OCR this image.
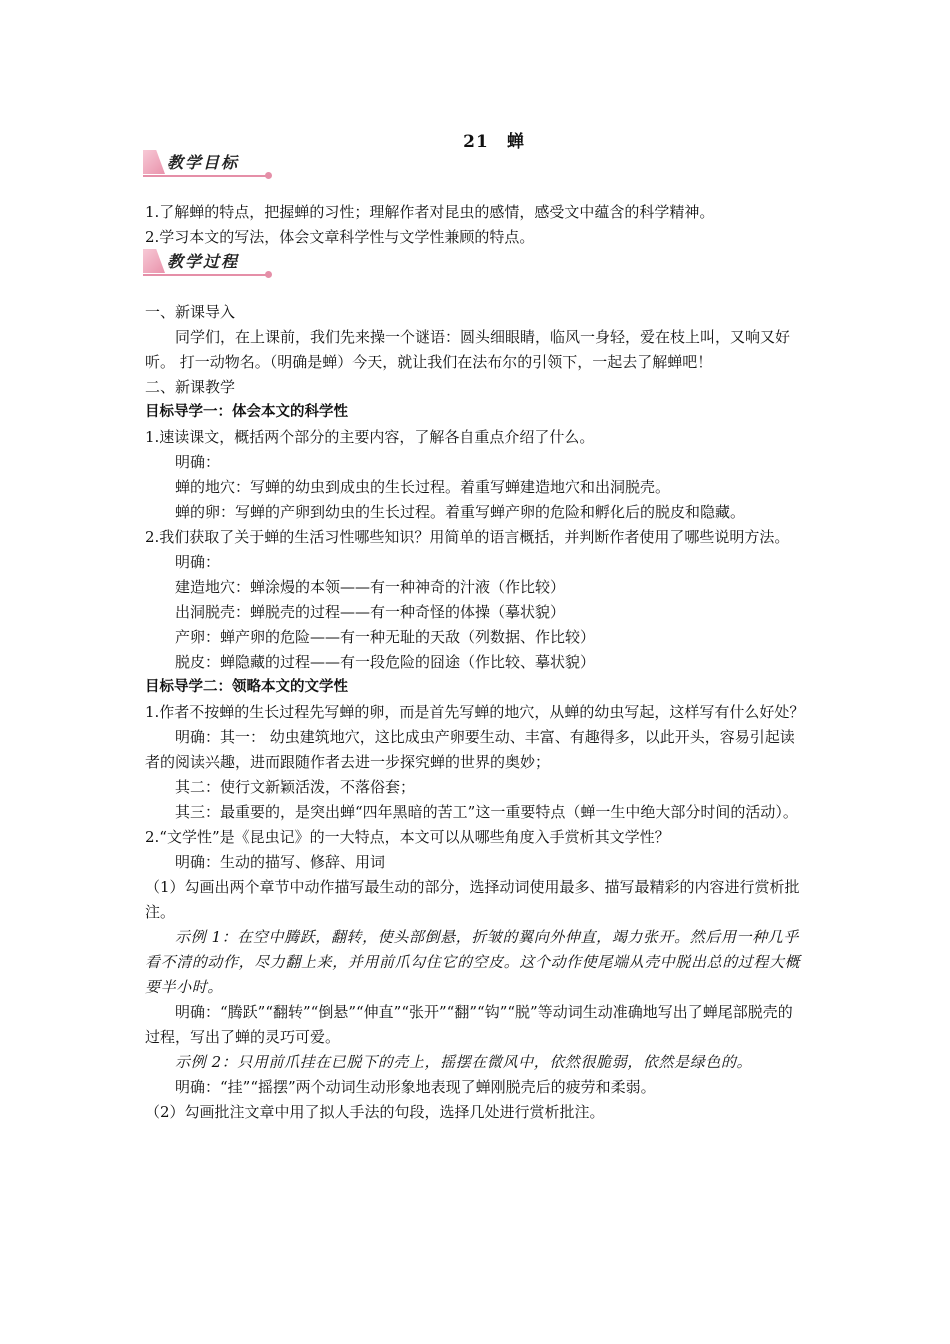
21　蝉
教学目标
教学过程

1.了解蝉的特点，把握蝉的习性；理解作者对昆虫的感情，感受文中蕴含的科学精神。

2.学习本文的写法，体会文章科学性与文学性兼顾的特点。

一、新课导入

同学们，在上课前，我们先来操一个谜语：圆头细眼睛，临风一身轻，爱在枝上叫，又响又好听。 打一动物名。（明确是蝉）今天，就让我们在法布尔的引领下，一起去了解蝉吧！

二、新课教学

目标导学一：体会本文的科学性

1.速读课文，概括两个部分的主要内容，了解各自重点介绍了什么。

明确：

蝉的地穴：写蝉的幼虫到成虫的生长过程。着重写蝉建造地穴和出洞脱壳。

蝉的卵：写蝉的产卵到幼虫的生长过程。着重写蝉产卵的危险和孵化后的脱皮和隐藏。

2.我们获取了关于蝉的生活习性哪些知识？用简单的语言概括，并判断作者使用了哪些说明方法。

明确：

建造地穴：蝉涂熳的本领——有一种神奇的汁液（作比较）

出洞脱壳：蝉脱壳的过程——有一种奇怪的体操（摹状貌）

产卵：蝉产卵的危险——有一种无耻的天敌（列数据、作比较）

脱皮：蝉隐藏的过程——有一段危险的囧途（作比较、摹状貌）

目标导学二：领略本文的文学性

1.作者不按蝉的生长过程先写蝉的卵，而是首先写蝉的地穴，从蝉的幼虫写起，这样写有什么好处？

明确：其一： 幼虫建筑地穴，这比成虫产卵要生动、丰富、有趣得多，以此开头，容易引起读者的阅读兴趣，进而跟随作者去进一步探究蝉的世界的奥妙；

其二：使行文新颖活泼，不落俗套；

其三：最重要的，是突出蝉“四年黑暗的苦工”这一重要特点（蝉一生中绝大部分时间的活动）。

2.“文学性”是《昆虫记》的一大特点，本文可以从哪些角度入手赏析其文学性？

明确：生动的描写、修辞、用词

（1）勾画出两个章节中动作描写最生动的部分，选择动词使用最多、描写最精彩的内容进行赏析批注。

示例 1：在空中腾跃，翻转，使头部倒悬，折皱的翼向外伸直，竭力张开。然后用一种几乎看不清的动作，尽力翻上来，并用前爪勾住它的空皮。这个动作使尾端从壳中脱出总的过程大概要半小时。

明确：“腾跃”“翻转”“倒悬”“伸直”“张开”“翻”“钩”“脱”等动词生动准确地写出了蝉尾部脱壳的过程，写出了蝉的灵巧可爱。

示例 2：只用前爪挂在已脱下的壳上，摇摆在微风中，依然很脆弱，依然是绿色的。

明确：“挂”“摇摆”两个动词生动形象地表现了蝉刚脱壳后的疲劳和柔弱。

（2）勾画批注文章中用了拟人手法的句段，选择几处进行赏析批注。
